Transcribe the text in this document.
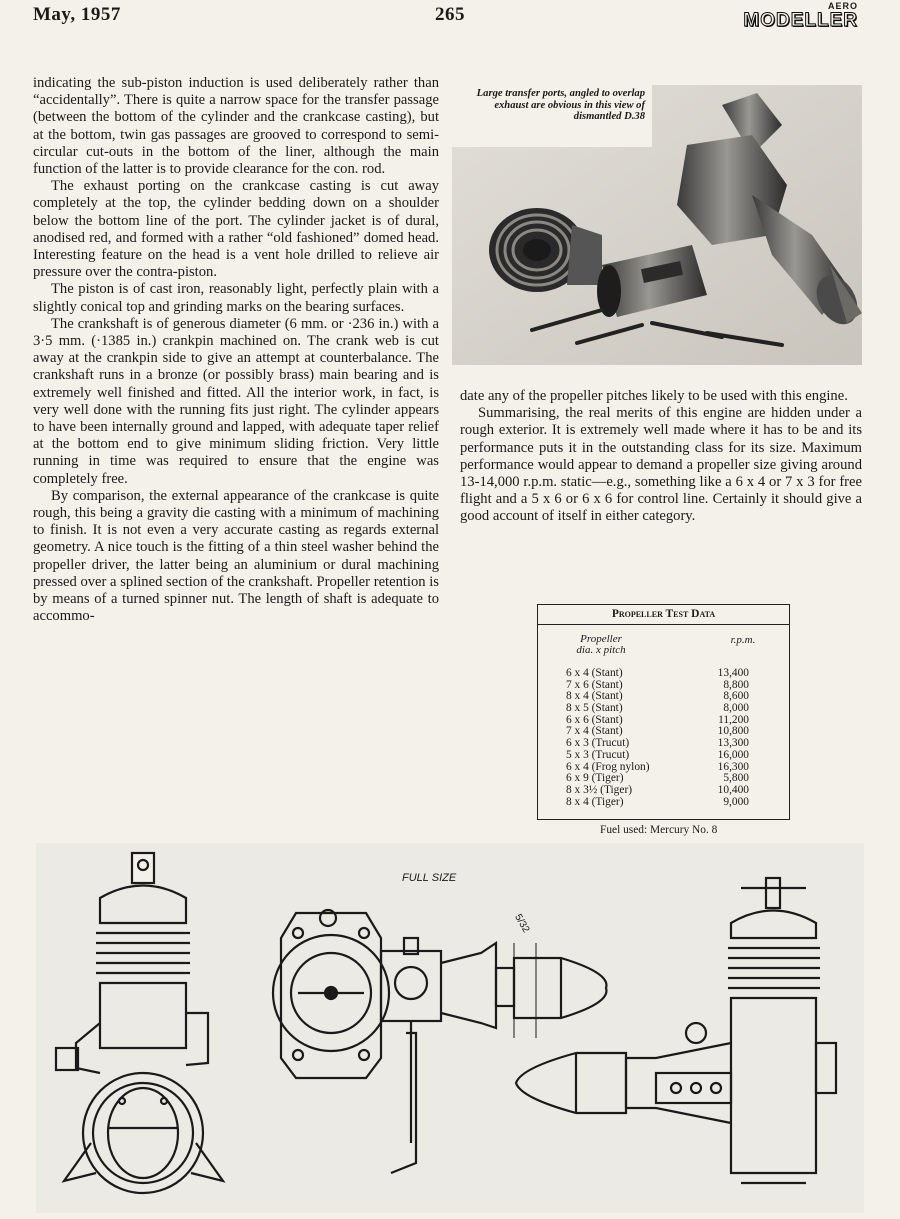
May, 1957	265	AERO
MODELLER

indicating the sub-piston induction is used deliberately rather than “accidentally”. There is quite a narrow space for the transfer passage (between the bottom of the cylinder and the crankcase casting), but at the bottom, twin gas passages are grooved to correspond to semi-circular cut-outs in the bottom of the liner, although the main function of the latter is to provide clearance for the con. rod.

The exhaust porting on the crankcase casting is cut away completely at the top, the cylinder bedding down on a shoulder below the bottom line of the port. The cylinder jacket is of dural, anodised red, and formed with a rather “old fashioned” domed head. Interesting feature on the head is a vent hole drilled to relieve air pressure over the contra-piston.

The piston is of cast iron, reasonably light, perfectly plain with a slightly conical top and grinding marks on the bearing surfaces.

The crankshaft is of generous diameter (6 mm. or ·236 in.) with a 3·5 mm. (·1385 in.) crankpin machined on. The crank web is cut away at the crankpin side to give an attempt at counterbalance. The crankshaft runs in a bronze (or possibly brass) main bearing and is extremely well finished and fitted. All the interior work, in fact, is very well done with the running fits just right. The cylinder appears to have been internally ground and lapped, with adequate taper relief at the bottom end to give minimum sliding friction. Very little running in time was required to ensure that the engine was completely free.

By comparison, the external appearance of the crankcase is quite rough, this being a gravity die casting with a minimum of machining to finish. It is not even a very accurate casting as regards external geometry. A nice touch is the fitting of a thin steel washer behind the propeller driver, the latter being an aluminium or dural machining pressed over a splined section of the crankshaft. Propeller retention is by means of a turned spinner nut. The length of shaft is adequate to accommo-

Large transfer ports, angled to overlap exhaust are obvious in this view of dismantled D.38

date any of the propeller pitches likely to be used with this engine.

Summarising, the real merits of this engine are hidden under a rough exterior. It is extremely well made where it has to be and its performance puts it in the outstanding class for its size. Maximum performance would appear to demand a propeller size giving around 13-14,000 r.p.m. static—e.g., something like a 6 x 4 or 7 x 3 for free flight and a 5 x 6 or 6 x 6 for control line. Certainly it should give a good account of itself in either category.

Propeller Test Data
Propeller
dia. x pitch
r.p.m.
6 x 4 (Stant)	13,400
7 x 6 (Stant)	8,800
8 x 4 (Stant)	8,600
8 x 5 (Stant)	8,000
6 x 6 (Stant)	11,200
7 x 4 (Stant)	10,800
6 x 3 (Trucut)	13,300
5 x 3 (Trucut)	16,000
6 x 4 (Frog nylon)	16,300
6 x 9 (Tiger)	5,800
8 x 3½ (Tiger)	10,400
8 x 4 (Tiger)	9,000
Fuel used: Mercury No. 8
FULL SIZE
5/32
